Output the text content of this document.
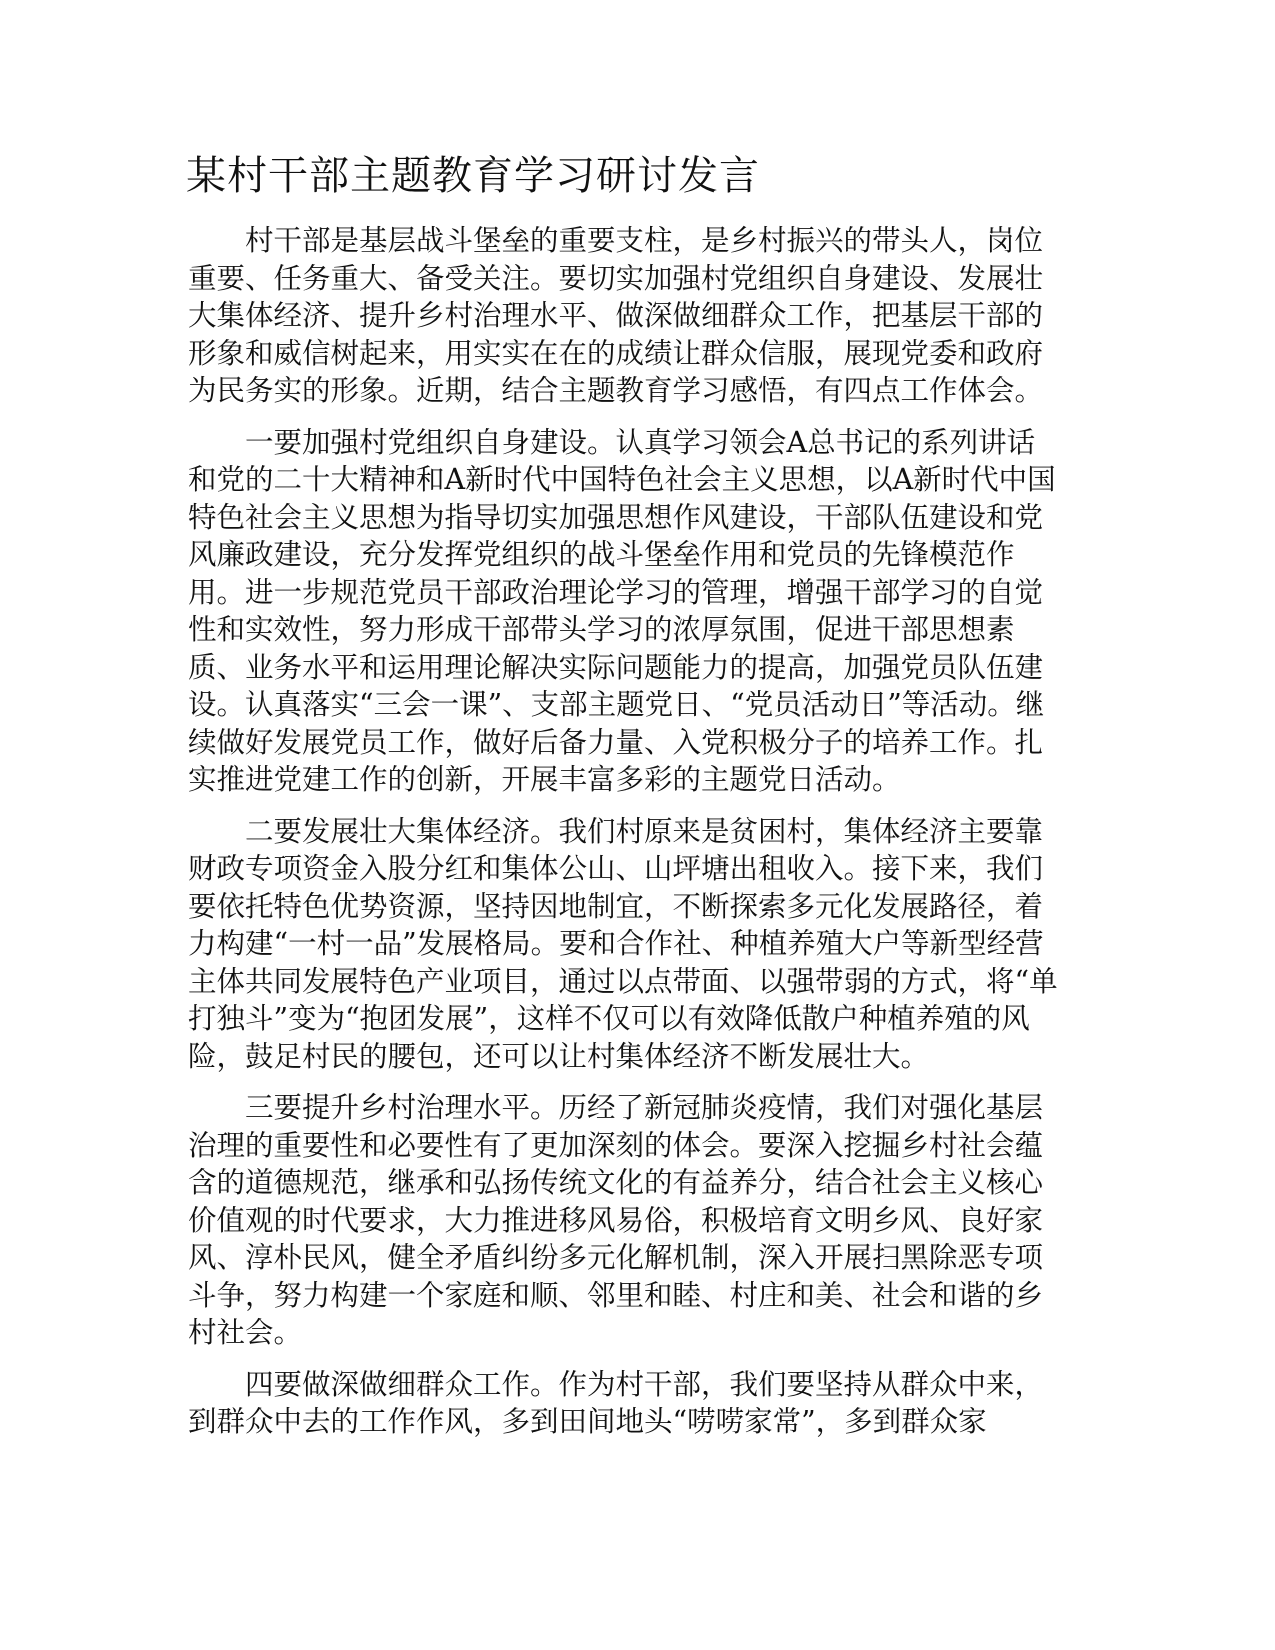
某村干部主题教育学习研讨发言

村干部是基层战斗堡垒的重要支柱，是乡村振兴的带头人，岗位重要、任务重大、备受关注。要切实加强村党组织自身建设、发展壮大集体经济、提升乡村治理水平、做深做细群众工作，把基层干部的形象和威信树起来，用实实在在的成绩让群众信服，展现党委和政府为民务实的形象。近期，结合主题教育学习感悟，有四点工作体会。

一要加强村党组织自身建设。认真学习领会A总书记的系列讲话和党的二十大精神和A新时代中国特色社会主义思想，以A新时代中国特色社会主义思想为指导切实加强思想作风建设，干部队伍建设和党风廉政建设，充分发挥党组织的战斗堡垒作用和党员的先锋模范作用。进一步规范党员干部政治理论学习的管理，增强干部学习的自觉性和实效性，努力形成干部带头学习的浓厚氛围，促进干部思想素质、业务水平和运用理论解决实际问题能力的提高，加强党员队伍建设。认真落实“三会一课”、支部主题党日、“党员活动日”等活动。继续做好发展党员工作，做好后备力量、入党积极分子的培养工作。扎实推进党建工作的创新，开展丰富多彩的主题党日活动。

二要发展壮大集体经济。我们村原来是贫困村，集体经济主要靠财政专项资金入股分红和集体公山、山坪塘出租收入。接下来，我们要依托特色优势资源，坚持因地制宜，不断探索多元化发展路径，着力构建“一村一品”发展格局。要和合作社、种植养殖大户等新型经营主体共同发展特色产业项目，通过以点带面、以强带弱的方式，将“单打独斗”变为“抱团发展”，这样不仅可以有效降低散户种植养殖的风险，鼓足村民的腰包，还可以让村集体经济不断发展壮大。

三要提升乡村治理水平。历经了新冠肺炎疫情，我们对强化基层治理的重要性和必要性有了更加深刻的体会。要深入挖掘乡村社会蕴含的道德规范，继承和弘扬传统文化的有益养分，结合社会主义核心价值观的时代要求，大力推进移风易俗，积极培育文明乡风、良好家风、淳朴民风，健全矛盾纠纷多元化解机制，深入开展扫黑除恶专项斗争，努力构建一个家庭和顺、邻里和睦、村庄和美、社会和谐的乡村社会。

四要做深做细群众工作。作为村干部，我们要坚持从群众中来，到群众中去的工作作风，多到田间地头“唠唠家常”，多到群众家
